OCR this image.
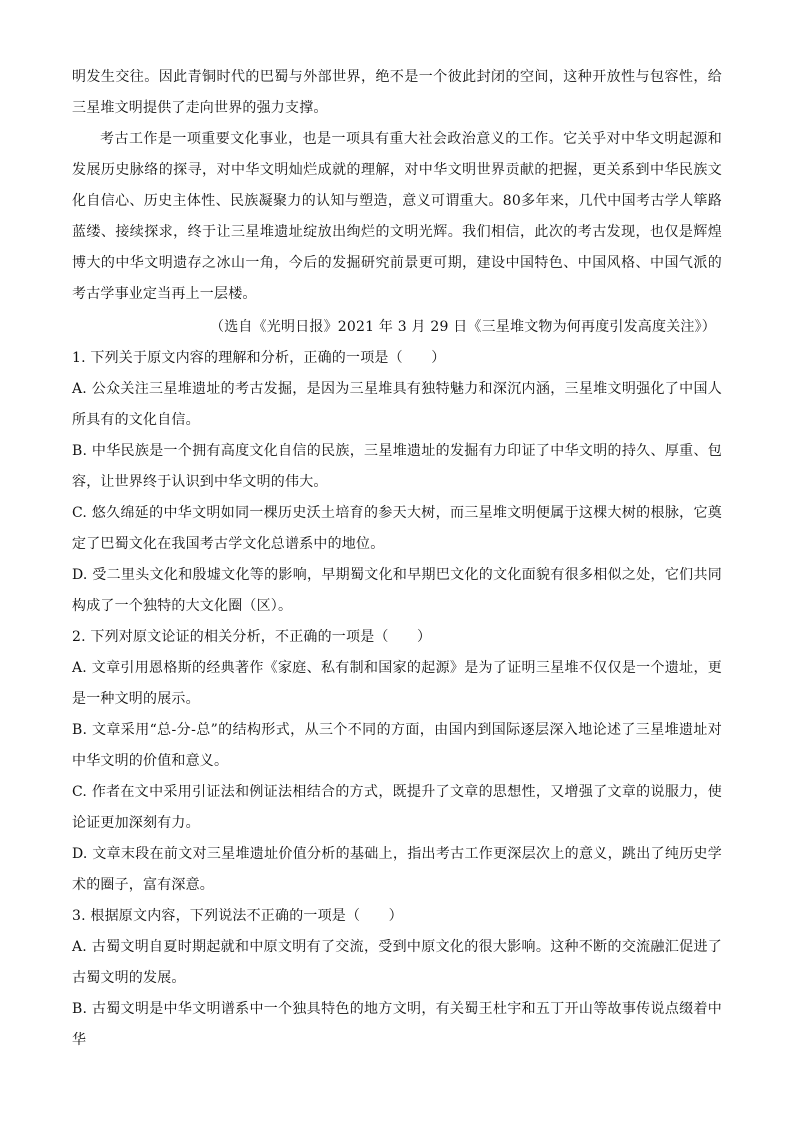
明发生交往。因此青铜时代的巴蜀与外部世界，绝不是一个彼此封闭的空间，这种开放性与包容性，给三星堆文明提供了走向世界的强力支撑。

考古工作是一项重要文化事业，也是一项具有重大社会政治意义的工作。它关乎对中华文明起源和发展历史脉络的探寻，对中华文明灿烂成就的理解，对中华文明世界贡献的把握，更关系到中华民族文化自信心、历史主体性、民族凝聚力的认知与塑造，意义可谓重大。80多年来，几代中国考古学人筚路蓝缕、接续探求，终于让三星堆遗址绽放出绚烂的文明光辉。我们相信，此次的考古发现，也仅是辉煌博大的中华文明遗存之冰山一角，今后的发掘研究前景更可期，建设中国特色、中国风格、中国气派的考古学事业定当再上一层楼。

（选自《光明日报》2021 年 3 月 29 日《三星堆文物为何再度引发高度关注》）

1. 下列关于原文内容的理解和分析，正确的一项是（　　）

A. 公众关注三星堆遗址的考古发掘，是因为三星堆具有独特魅力和深沉内涵，三星堆文明强化了中国人所具有的文化自信。

B. 中华民族是一个拥有高度文化自信的民族，三星堆遗址的发掘有力印证了中华文明的持久、厚重、包容，让世界终于认识到中华文明的伟大。

C. 悠久绵延的中华文明如同一棵历史沃土培育的参天大树，而三星堆文明便属于这棵大树的根脉，它奠定了巴蜀文化在我国考古学文化总谱系中的地位。

D. 受二里头文化和殷墟文化等的影响，早期蜀文化和早期巴文化的文化面貌有很多相似之处，它们共同构成了一个独特的大文化圈（区）。

2. 下列对原文论证的相关分析，不正确的一项是（　　）

A. 文章引用恩格斯的经典著作《家庭、私有制和国家的起源》是为了证明三星堆不仅仅是一个遗址，更是一种文明的展示。

B. 文章采用“总-分-总”的结构形式，从三个不同的方面，由国内到国际逐层深入地论述了三星堆遗址对中华文明的价值和意义。

C. 作者在文中采用引证法和例证法相结合的方式，既提升了文章的思想性，又增强了文章的说服力，使论证更加深刻有力。

D. 文章末段在前文对三星堆遗址价值分析的基础上，指出考古工作更深层次上的意义，跳出了纯历史学术的圈子，富有深意。

3. 根据原文内容，下列说法不正确的一项是（　　）

A. 古蜀文明自夏时期起就和中原文明有了交流，受到中原文化的很大影响。这种不断的交流融汇促进了古蜀文明的发展。

B. 古蜀文明是中华文明谱系中一个独具特色的地方文明，有关蜀王杜宇和五丁开山等故事传说点缀着中华
